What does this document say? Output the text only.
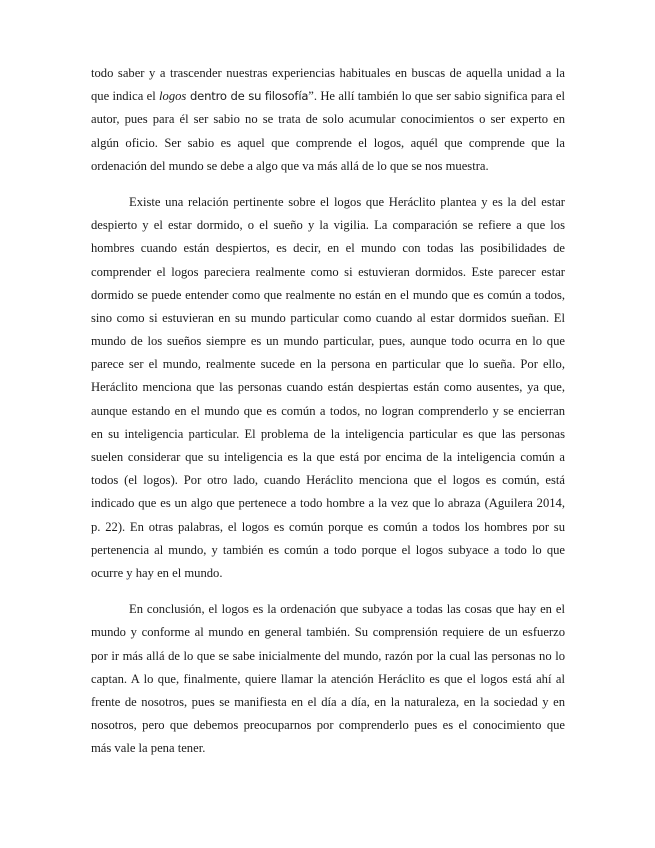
todo saber y a trascender nuestras experiencias habituales en buscas de aquella unidad a la
que indica el logos dentro de su filosofía”. He allí también lo que ser sabio significa para el
autor, pues para él ser sabio no se trata de solo acumular conocimientos o ser experto en
algún oficio. Ser sabio es aquel que comprende el logos, aquél que comprende que la
ordenación del mundo se debe a algo que va más allá de lo que se nos muestra.
Existe una relación pertinente sobre el logos que Heráclito plantea y es la del estar
despierto y el estar dormido, o el sueño y la vigilia. La comparación se refiere a que los
hombres cuando están despiertos, es decir, en el mundo con todas las posibilidades de
comprender el logos pareciera realmente como si estuvieran dormidos. Este parecer estar
dormido se puede entender como que realmente no están en el mundo que es común a todos,
sino como si estuvieran en su mundo particular como cuando al estar dormidos sueñan. El
mundo de los sueños siempre es un mundo particular, pues, aunque todo ocurra en lo que
parece ser el mundo, realmente sucede en la persona en particular que lo sueña. Por ello,
Heráclito menciona que las personas cuando están despiertas están como ausentes, ya que,
aunque estando en el mundo que es común a todos, no logran comprenderlo y se encierran
en su inteligencia particular. El problema de la inteligencia particular es que las personas
suelen considerar que su inteligencia es la que está por encima de la inteligencia común a
todos (el logos). Por otro lado, cuando Heráclito menciona que el logos es común, está
indicado que es un algo que pertenece a todo hombre a la vez que lo abraza (Aguilera 2014,
p. 22). En otras palabras, el logos es común porque es común a todos los hombres por su
pertenencia al mundo, y también es común a todo porque el logos subyace a todo lo que
ocurre y hay en el mundo.
En conclusión, el logos es la ordenación que subyace a todas las cosas que hay en el
mundo y conforme al mundo en general también. Su comprensión requiere de un esfuerzo
por ir más allá de lo que se sabe inicialmente del mundo, razón por la cual las personas no lo
captan. A lo que, finalmente, quiere llamar la atención Heráclito es que el logos está ahí al
frente de nosotros, pues se manifiesta en el día a día, en la naturaleza, en la sociedad y en
nosotros, pero que debemos preocuparnos por comprenderlo pues es el conocimiento que
más vale la pena tener.
